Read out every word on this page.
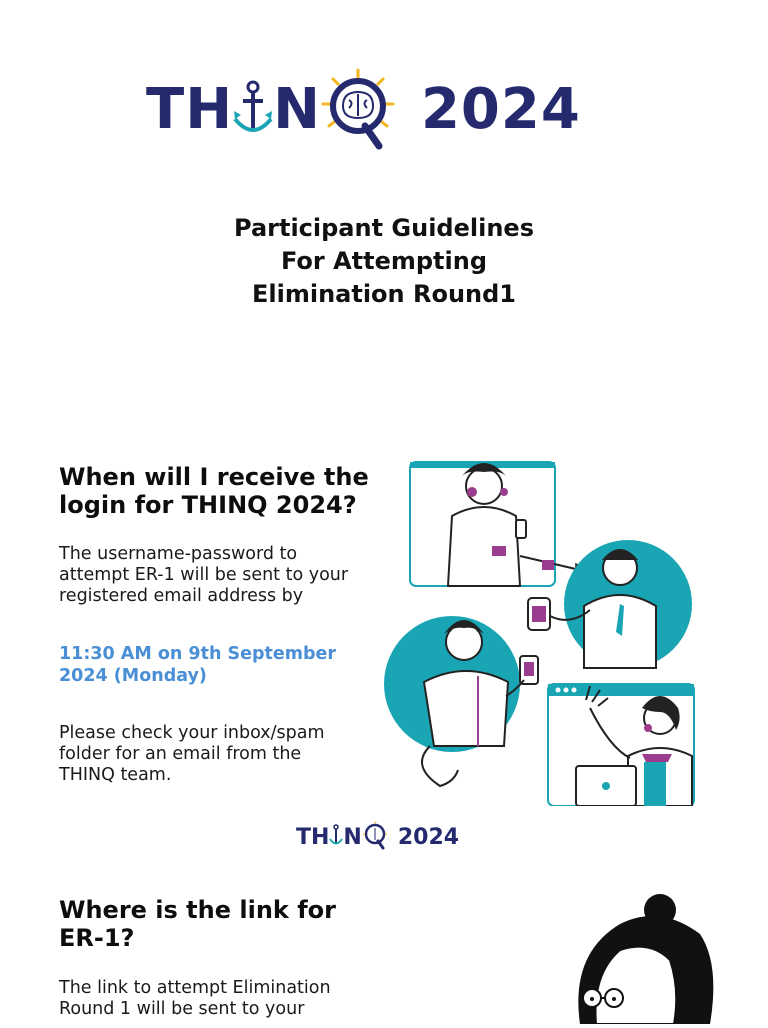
TH N 2024
Participant Guidelines
For Attempting
Elimination Round1
When will I receive the
login for THINQ 2024?
The username-password to
attempt ER-1 will be sent to your
registered email address by
11:30 AM on 9th September
2024 (Monday)
Please check your inbox/spam
folder for an email from the
THINQ team.
TH N 2024
Where is the link for
ER-1?
The link to attempt Elimination
Round 1 will be sent to your
